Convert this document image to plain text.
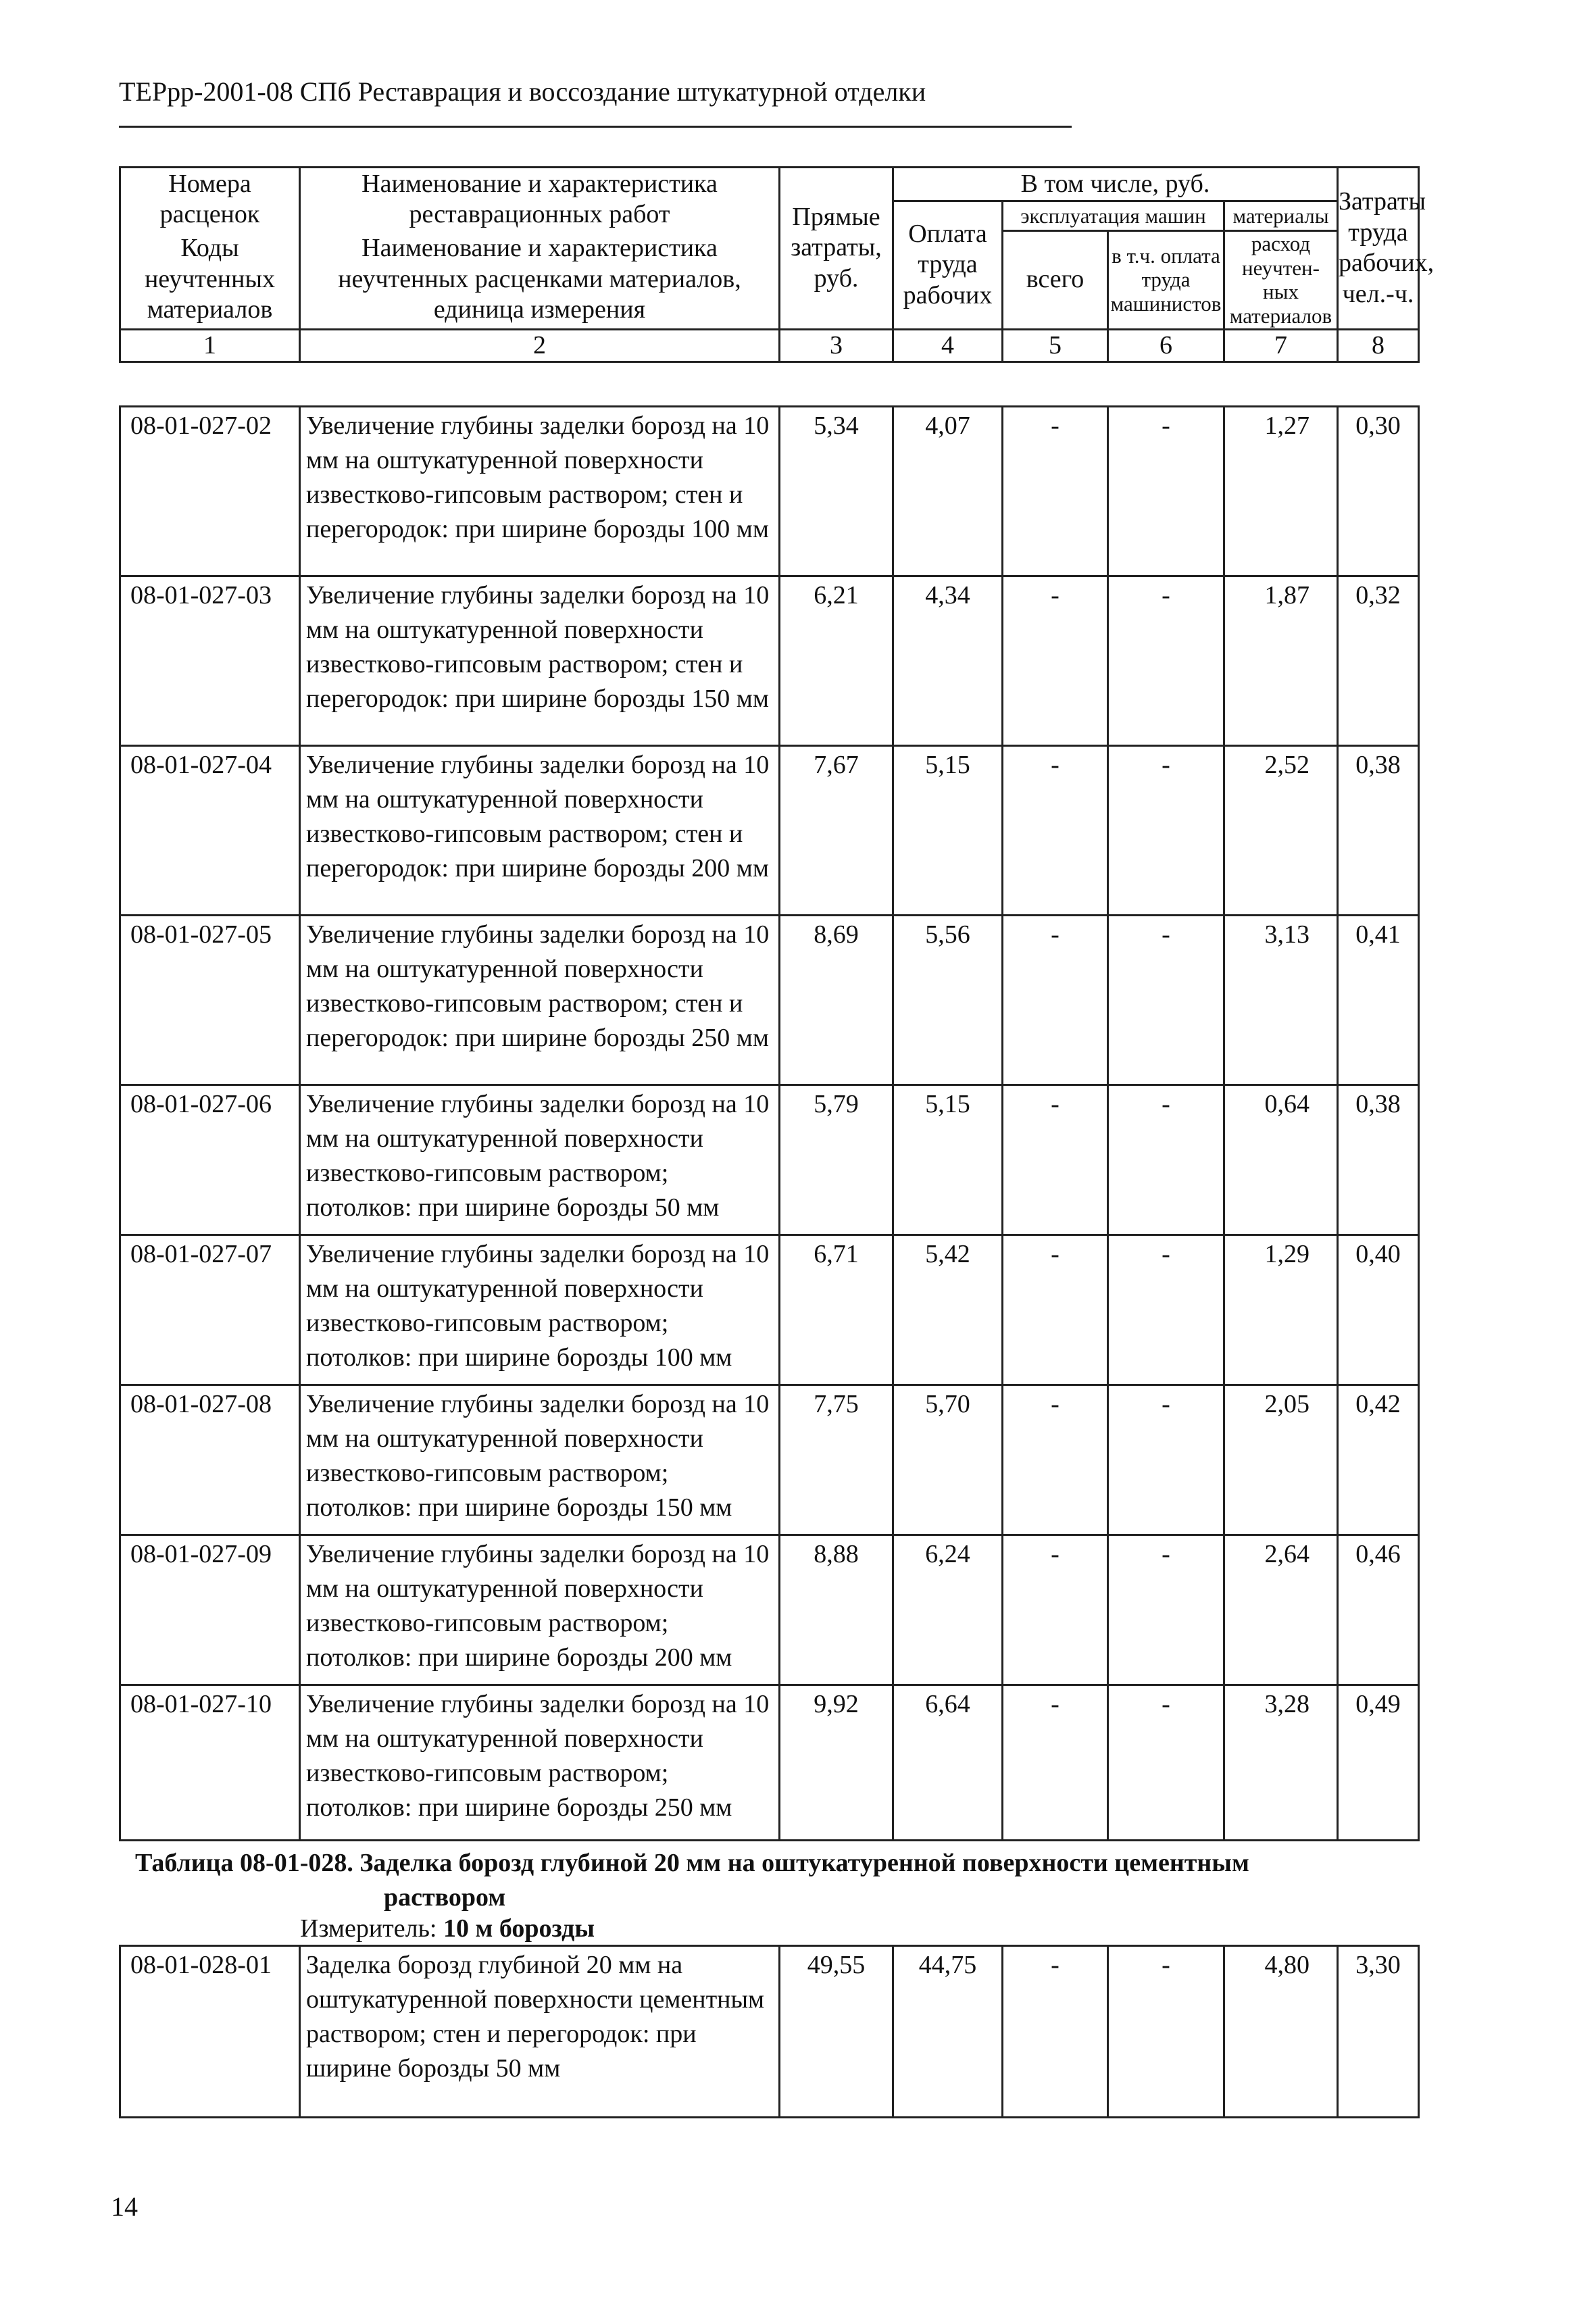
ТЕРрр-2001-08 СПб Реставрация и воссоздание штукатурной отделки
Номера расценок	Наименование и характеристика реставрационных работ	Прямые затраты, руб.	В том числе, руб.				Затраты труда рабочих, чел.-ч.
			Оплата труда рабочих	эксплуатация машин		материалы	
Коды неучтенных материалов	Наименование и характеристика неучтенных расценками материалов, единица измерения			всего	в т.ч. оплата труда машинистов	расход неучтен-ных материалов	

1	2	3	4	5	6	7	8
08-01-027-02	Увеличение глубины заделки борозд на 10 мм на оштукатуренной поверхности известково-гипсовым раствором; стен и перегородок: при ширине борозды 100 мм	5,34	4,07	-	-	1,27	0,30
08-01-027-03	Увеличение глубины заделки борозд на 10 мм на оштукатуренной поверхности известково-гипсовым раствором; стен и перегородок: при ширине борозды 150 мм	6,21	4,34	-	-	1,87	0,32
08-01-027-04	Увеличение глубины заделки борозд на 10 мм на оштукатуренной поверхности известково-гипсовым раствором; стен и перегородок: при ширине борозды 200 мм	7,67	5,15	-	-	2,52	0,38
08-01-027-05	Увеличение глубины заделки борозд на 10 мм на оштукатуренной поверхности известково-гипсовым раствором; стен и перегородок: при ширине борозды 250 мм	8,69	5,56	-	-	3,13	0,41
08-01-027-06	Увеличение глубины заделки борозд на 10 мм на оштукатуренной поверхности известково-гипсовым раствором; потолков: при ширине борозды 50 мм	5,79	5,15	-	-	0,64	0,38
08-01-027-07	Увеличение глубины заделки борозд на 10 мм на оштукатуренной поверхности известково-гипсовым раствором; потолков: при ширине борозды 100 мм	6,71	5,42	-	-	1,29	0,40
08-01-027-08	Увеличение глубины заделки борозд на 10 мм на оштукатуренной поверхности известково-гипсовым раствором; потолков: при ширине борозды 150 мм	7,75	5,70	-	-	2,05	0,42
08-01-027-09	Увеличение глубины заделки борозд на 10 мм на оштукатуренной поверхности известково-гипсовым раствором; потолков: при ширине борозды 200 мм	8,88	6,24	-	-	2,64	0,46
08-01-027-10	Увеличение глубины заделки борозд на 10 мм на оштукатуренной поверхности известково-гипсовым раствором; потолков: при ширине борозды 250 мм	9,92	6,64	-	-	3,28	0,49
Таблица 08-01-028. Заделка борозд глубиной 20 мм на оштукатуренной поверхности цементным
раствором
Измеритель: 10 м борозды
08-01-028-01	Заделка борозд глубиной 20 мм на оштукатуренной поверхности цементным раствором; стен и перегородок: при ширине борозды 50 мм	49,55	44,75	-	-	4,80	3,30
14
